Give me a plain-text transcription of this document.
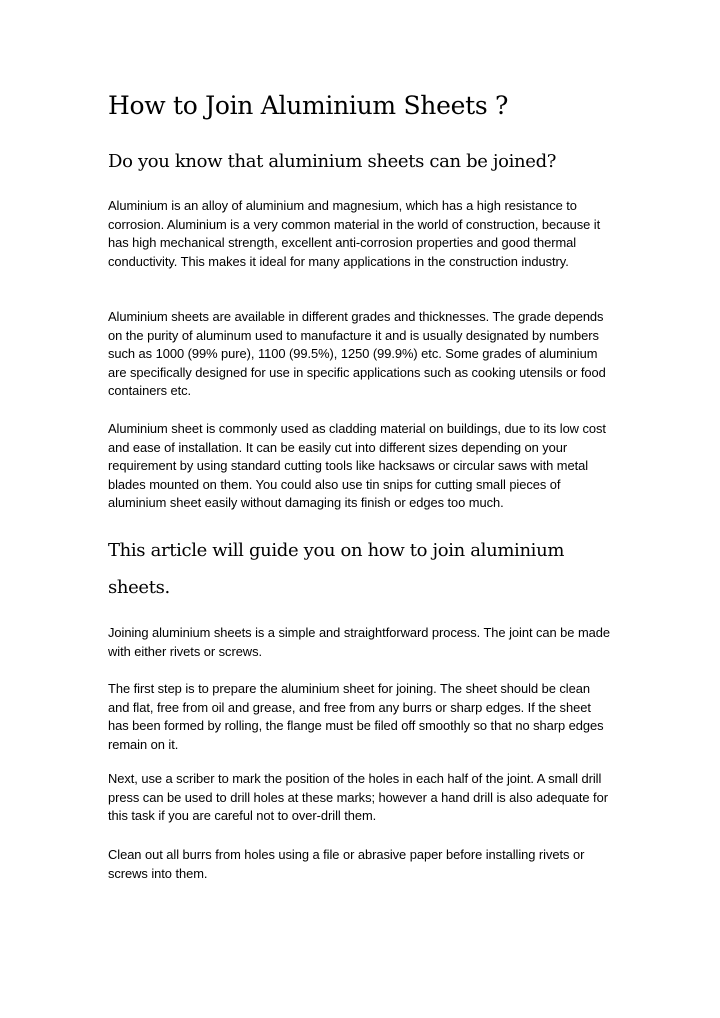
How to Join Aluminium Sheets ?
Do you know that aluminium sheets can be joined?

Aluminium is an alloy of aluminium and magnesium, which has a high resistance to corrosion. Aluminium is a very common material in the world of construction, because it has high mechanical strength, excellent anti-corrosion properties and good thermal conductivity. This makes it ideal for many applications in the construction industry.

Aluminium sheets are available in different grades and thicknesses. The grade depends on the purity of aluminum used to manufacture it and is usually designated by numbers such as 1000 (99% pure), 1100 (99.5%), 1250 (99.9%) etc. Some grades of aluminium are specifically designed for use in specific applications such as cooking utensils or food containers etc.

Aluminium sheet is commonly used as cladding material on buildings, due to its low cost and ease of installation. It can be easily cut into different sizes depending on your requirement by using standard cutting tools like hacksaws or circular saws with metal blades mounted on them. You could also use tin snips for cutting small pieces of aluminium sheet easily without damaging its finish or edges too much.

This article will guide you on how to join aluminium sheets.

Joining aluminium sheets is a simple and straightforward process. The joint can be made with either rivets or screws.

The first step is to prepare the aluminium sheet for joining. The sheet should be clean and flat, free from oil and grease, and free from any burrs or sharp edges. If the sheet has been formed by rolling, the flange must be filed off smoothly so that no sharp edges remain on it.

Next, use a scriber to mark the position of the holes in each half of the joint. A small drill press can be used to drill holes at these marks; however a hand drill is also adequate for this task if you are careful not to over-drill them.

Clean out all burrs from holes using a file or abrasive paper before installing rivets or screws into them.
